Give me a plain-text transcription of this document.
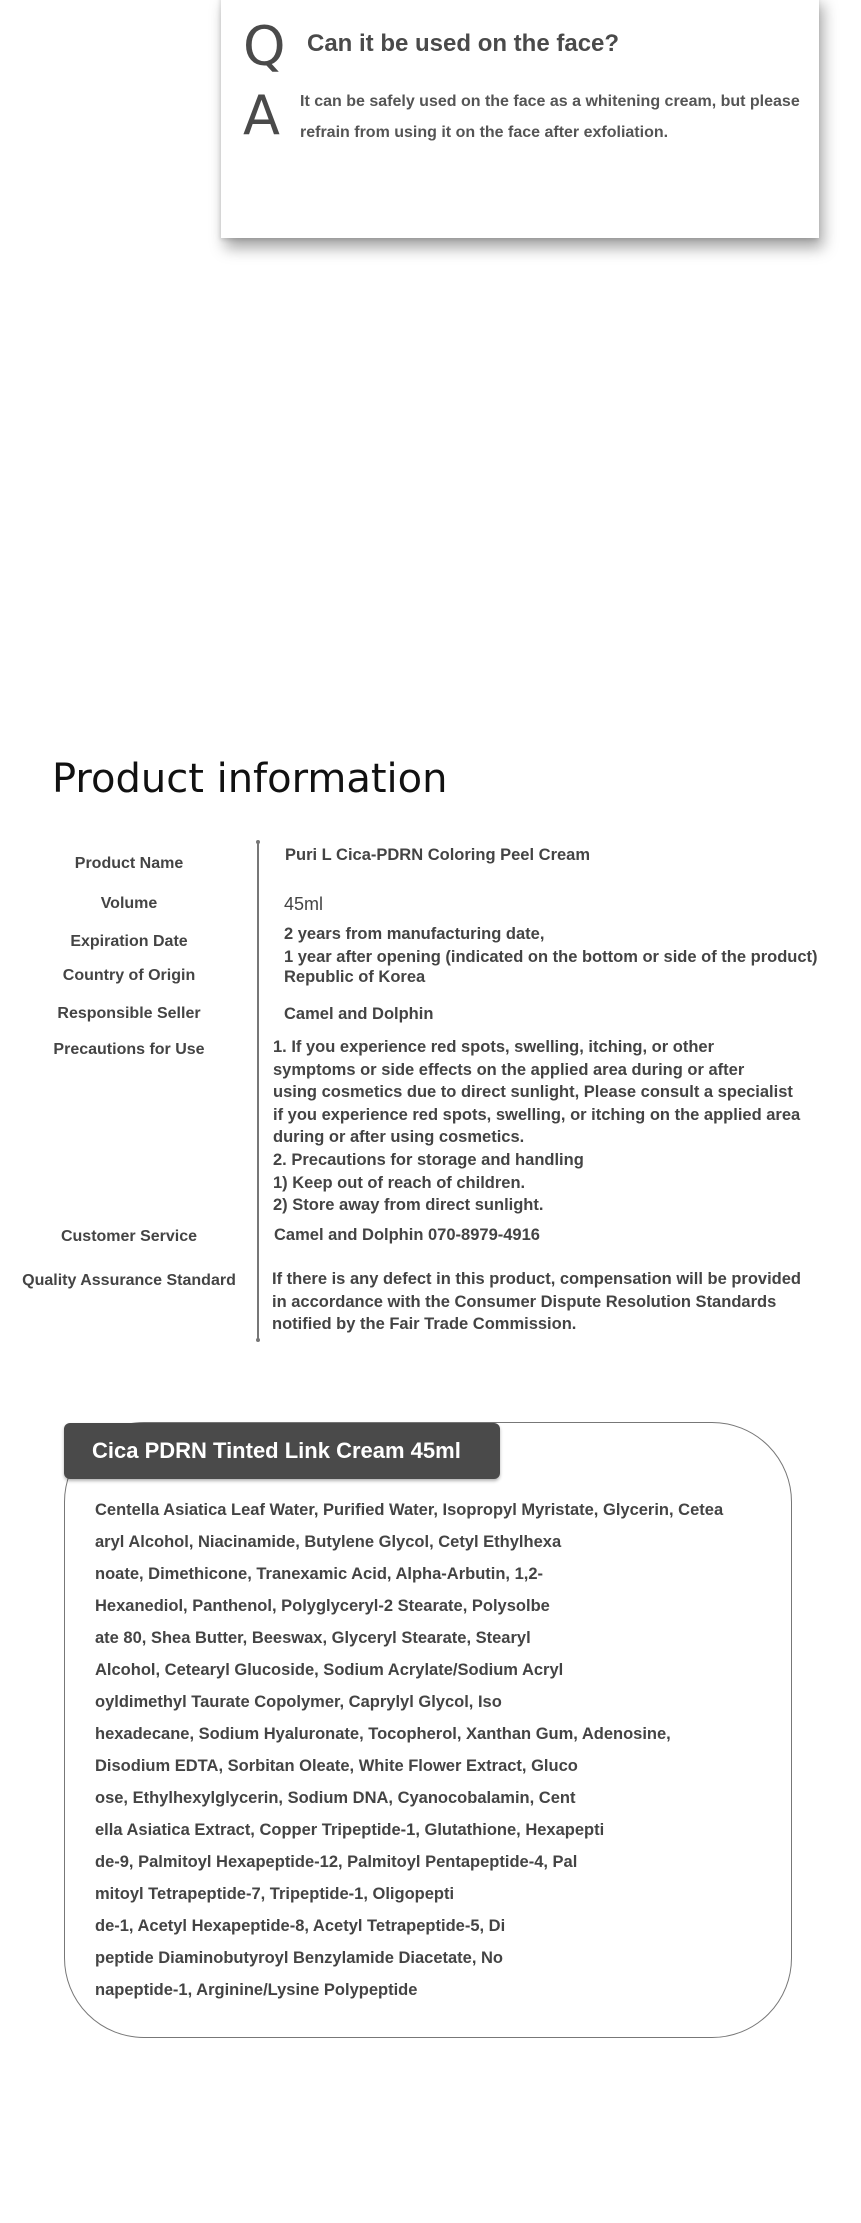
Q Can it be used on the face?
A It can be safely used on the face as a whitening cream, but please refrain from using it on the face after exfoliation.
Product information
Product Name	Puri L Cica-PDRN Coloring Peel Cream
Volume	45ml
Expiration Date	2 years from manufacturing date,
1 year after opening (indicated on the bottom or side of the product)
Country of Origin	Republic of Korea
Responsible Seller	Camel and Dolphin
Precautions for Use	1. If you experience red spots, swelling, itching, or other
symptoms or side effects on the applied area during or after
using cosmetics due to direct sunlight, Please consult a specialist
if you experience red spots, swelling, or itching on the applied area
during or after using cosmetics.
2. Precautions for storage and handling
1) Keep out of reach of children.
2) Store away from direct sunlight.
Customer Service	Camel and Dolphin 070-8979-4916
Quality Assurance Standard	If there is any defect in this product, compensation will be provided
in accordance with the Consumer Dispute Resolution Standards
notified by the Fair Trade Commission.
Cica PDRN Tinted Link Cream 45ml
Centella Asiatica Leaf Water, Purified Water, Isopropyl Myristate, Glycerin, Cetea
aryl Alcohol, Niacinamide, Butylene Glycol, Cetyl Ethylhexa
noate, Dimethicone, Tranexamic Acid, Alpha-Arbutin, 1,2-
Hexanediol, Panthenol, Polyglyceryl-2 Stearate, Polysolbe
ate 80, Shea Butter, Beeswax, Glyceryl Stearate, Stearyl
Alcohol, Cetearyl Glucoside, Sodium Acrylate/Sodium Acryl
oyldimethyl Taurate Copolymer, Caprylyl Glycol, Iso
hexadecane, Sodium Hyaluronate, Tocopherol, Xanthan Gum, Adenosine,
Disodium EDTA, Sorbitan Oleate, White Flower Extract, Gluco
ose, Ethylhexylglycerin, Sodium DNA, Cyanocobalamin, Cent
ella Asiatica Extract, Copper Tripeptide-1, Glutathione, Hexapepti
de-9, Palmitoyl Hexapeptide-12, Palmitoyl Pentapeptide-4, Pal
mitoyl Tetrapeptide-7, Tripeptide-1, Oligopepti
de-1, Acetyl Hexapeptide-8, Acetyl Tetrapeptide-5, Di
peptide Diaminobutyroyl Benzylamide Diacetate, No
napeptide-1, Arginine/Lysine Polypeptide
